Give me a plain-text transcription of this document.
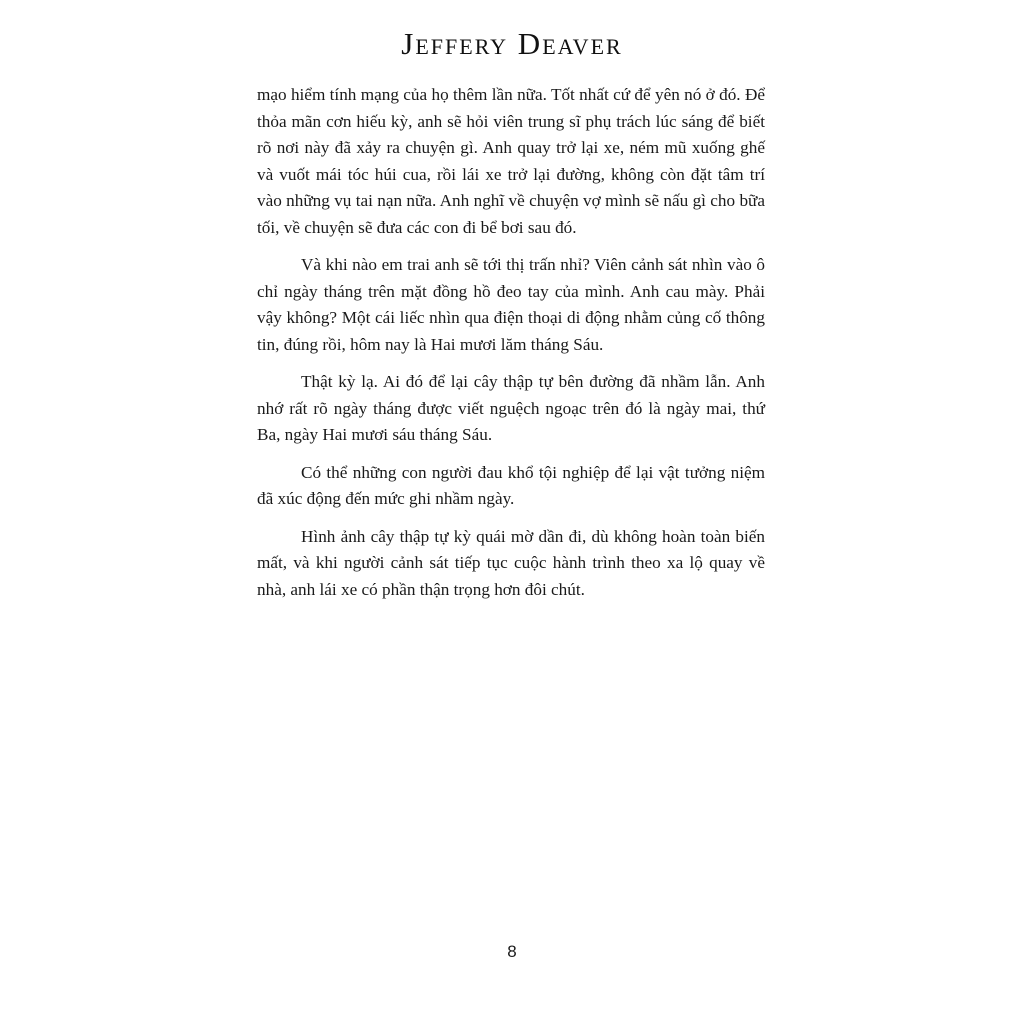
Jeffery Deaver

mạo hiểm tính mạng của họ thêm lần nữa. Tốt nhất cứ để yên nó ở đó. Để thỏa mãn cơn hiếu kỳ, anh sẽ hỏi viên trung sĩ phụ trách lúc sáng để biết rõ nơi này đã xảy ra chuyện gì. Anh quay trở lại xe, ném mũ xuống ghế và vuốt mái tóc húi cua, rồi lái xe trở lại đường, không còn đặt tâm trí vào những vụ tai nạn nữa. Anh nghĩ về chuyện vợ mình sẽ nấu gì cho bữa tối, về chuyện sẽ đưa các con đi bể bơi sau đó.

Và khi nào em trai anh sẽ tới thị trấn nhỉ? Viên cảnh sát nhìn vào ô chỉ ngày tháng trên mặt đồng hồ đeo tay của mình. Anh cau mày. Phải vậy không? Một cái liếc nhìn qua điện thoại di động nhằm củng cố thông tin, đúng rồi, hôm nay là Hai mươi lăm tháng Sáu.

Thật kỳ lạ. Ai đó để lại cây thập tự bên đường đã nhầm lẫn. Anh nhớ rất rõ ngày tháng được viết nguệch ngoạc trên đó là ngày mai, thứ Ba, ngày Hai mươi sáu tháng Sáu.

Có thể những con người đau khổ tội nghiệp để lại vật tưởng niệm đã xúc động đến mức ghi nhầm ngày.

Hình ảnh cây thập tự kỳ quái mờ dần đi, dù không hoàn toàn biến mất, và khi người cảnh sát tiếp tục cuộc hành trình theo xa lộ quay về nhà, anh lái xe có phần thận trọng hơn đôi chút.

8
